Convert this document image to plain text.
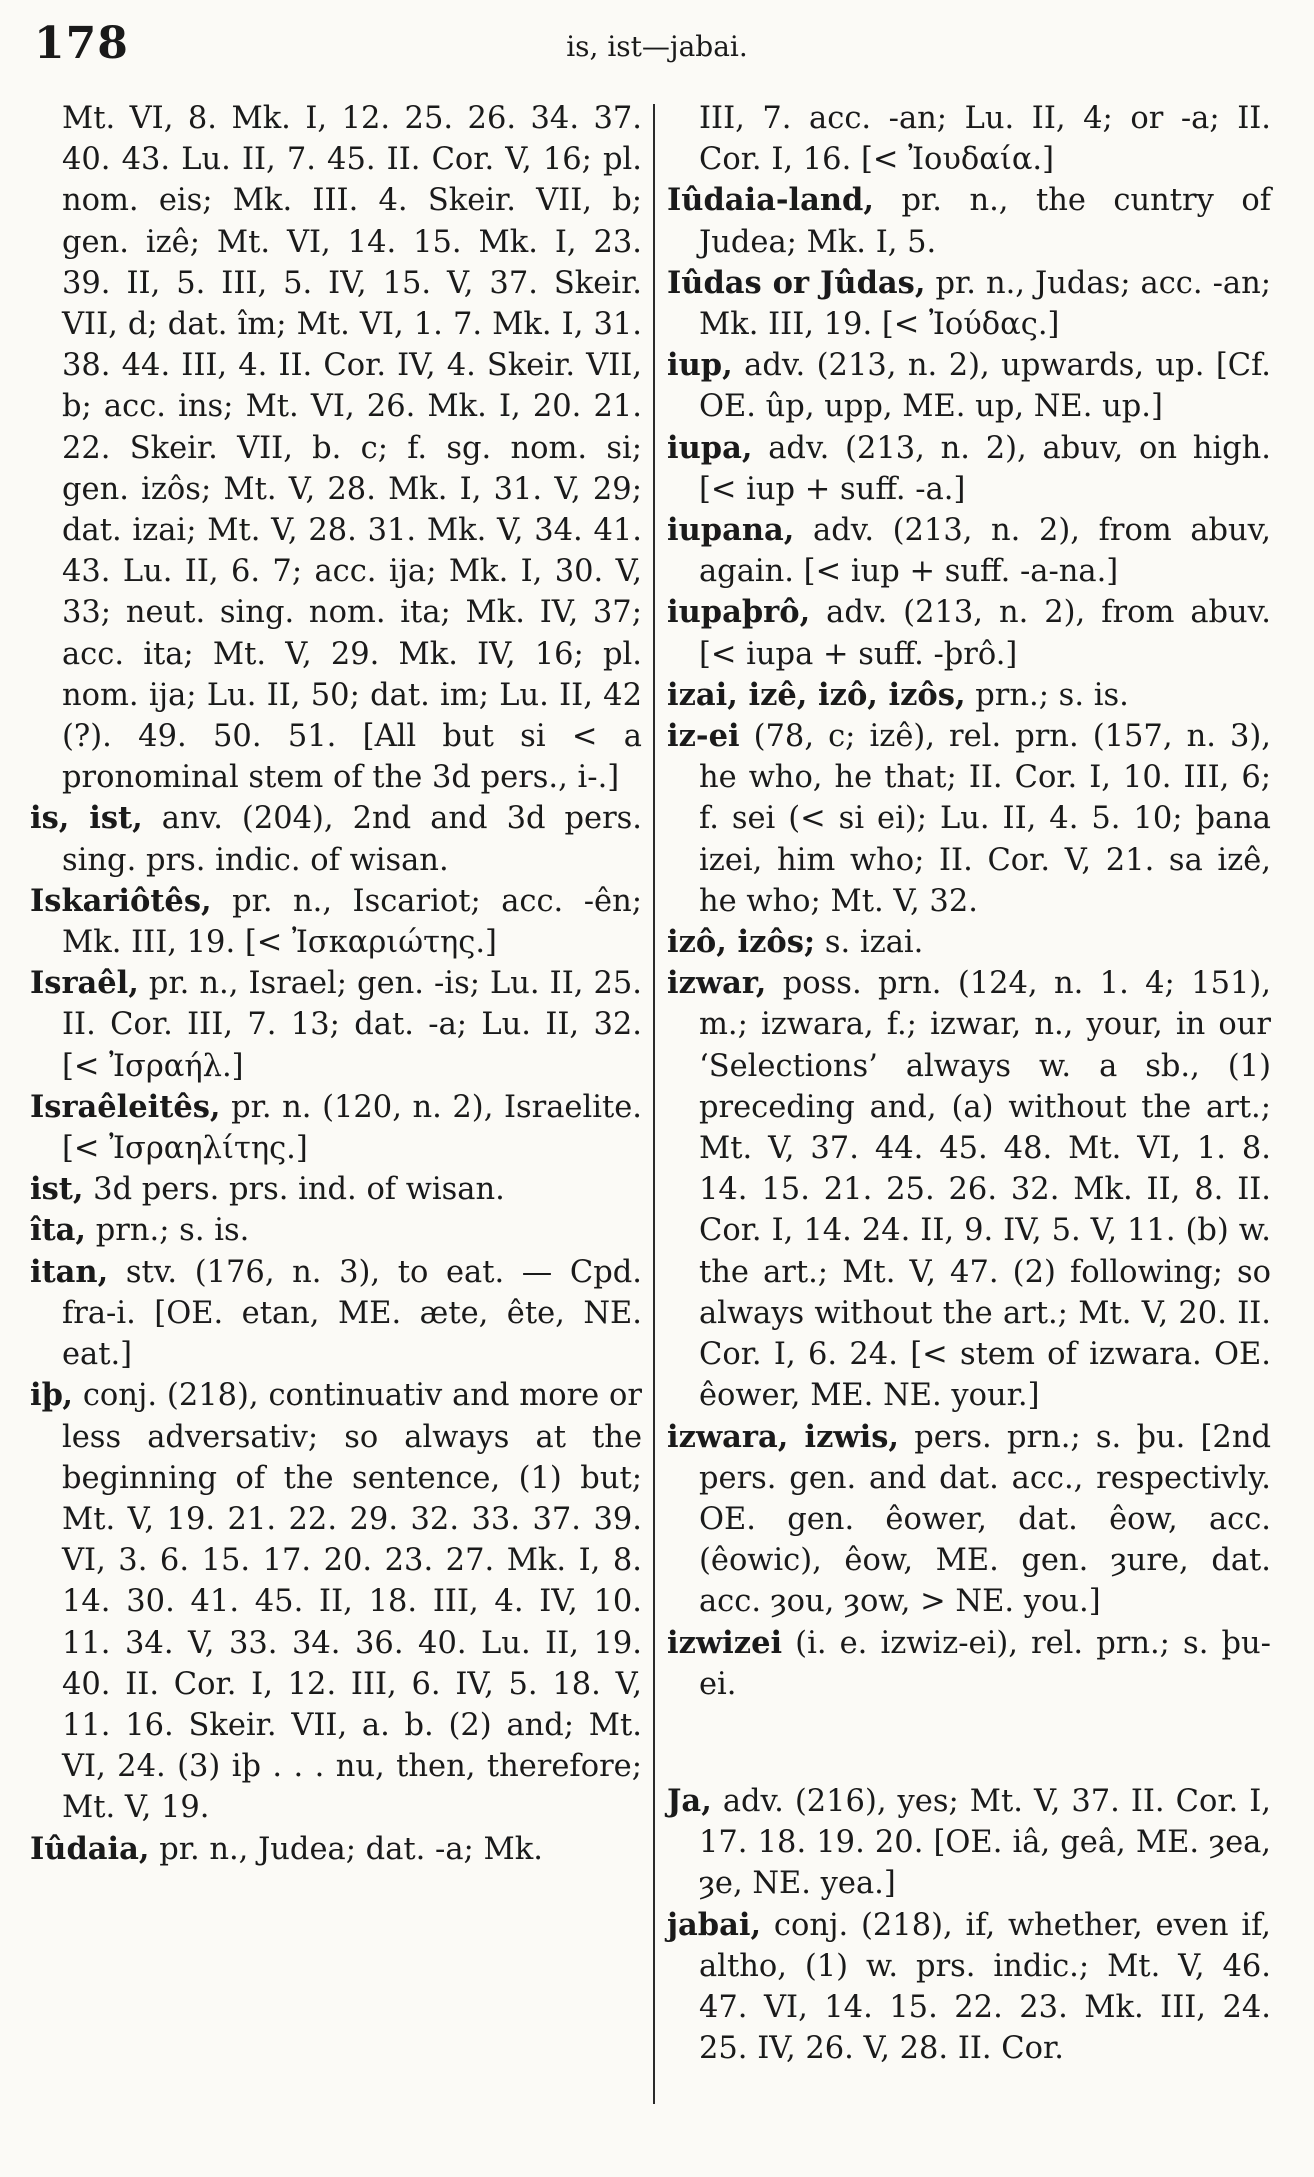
178	is, ist—jabai.

Mt. VI, 8. Mk. I, 12. 25. 26. 34. 37. 40. 43. Lu. II, 7. 45. II. Cor. V, 16; pl. nom. eis; Mk. III. 4. Skeir. VII, b; gen. izê; Mt. VI, 14. 15. Mk. I, 23. 39. II, 5. III, 5. IV, 15. V, 37. Skeir. VII, d; dat. îm; Mt. VI, 1. 7. Mk. I, 31. 38. 44. III, 4. II. Cor. IV, 4. Skeir. VII, b; acc. ins; Mt. VI, 26. Mk. I, 20. 21. 22. Skeir. VII, b. c; f. sg. nom. si; gen. izôs; Mt. V, 28. Mk. I, 31. V, 29; dat. izai; Mt. V, 28. 31. Mk. V, 34. 41. 43. Lu. II, 6. 7; acc. ija; Mk. I, 30. V, 33; neut. sing. nom. ita; Mk. IV, 37; acc. ita; Mt. V, 29. Mk. IV, 16; pl. nom. ija; Lu. II, 50; dat. im; Lu. II, 42 (?). 49. 50. 51. [All but si < a pronominal stem of the 3d pers., i-.]

is, ist, anv. (204), 2nd and 3d pers. sing. prs. indic. of wisan.

Iskariôtês, pr. n., Iscariot; acc. -ên; Mk. III, 19. [< Ἰσκαριώτης.]

Israêl, pr. n., Israel; gen. -is; Lu. II, 25. II. Cor. III, 7. 13; dat. -a; Lu. II, 32. [< Ἰσραήλ.]

Israêleitês, pr. n. (120, n. 2), Israelite. [< Ἰσραηλίτης.]

ist, 3d pers. prs. ind. of wisan.

îta, prn.; s. is.

itan, stv. (176, n. 3), to eat. — Cpd. fra-i. [OE. etan, ME. æte, ête, NE. eat.]

iþ, conj. (218), continuativ and more or less adversativ; so always at the beginning of the sentence, (1) but; Mt. V, 19. 21. 22. 29. 32. 33. 37. 39. VI, 3. 6. 15. 17. 20. 23. 27. Mk. I, 8. 14. 30. 41. 45. II, 18. III, 4. IV, 10. 11. 34. V, 33. 34. 36. 40. Lu. II, 19. 40. II. Cor. I, 12. III, 6. IV, 5. 18. V, 11. 16. Skeir. VII, a. b. (2) and; Mt. VI, 24. (3) iþ . . . nu, then, therefore; Mt. V, 19.

Iûdaia, pr. n., Judea; dat. -a; Mk.

III, 7. acc. -an; Lu. II, 4; or -a; II. Cor. I, 16. [< Ἰουδαία.]

Iûdaia-land, pr. n., the cuntry of Judea; Mk. I, 5.

Iûdas or Jûdas, pr. n., Judas; acc. -an; Mk. III, 19. [< Ἰούδας.]

iup, adv. (213, n. 2), upwards, up. [Cf. OE. ûp, upp, ME. up, NE. up.]

iupa, adv. (213, n. 2), abuv, on high. [< iup + suff. -a.]

iupana, adv. (213, n. 2), from abuv, again. [< iup + suff. -a-na.]

iupaþrô, adv. (213, n. 2), from abuv. [< iupa + suff. -þrô.]

izai, izê, izô, izôs, prn.; s. is.

iz-ei (78, c; izê), rel. prn. (157, n. 3), he who, he that; II. Cor. I, 10. III, 6; f. sei (< si ei); Lu. II, 4. 5. 10; þana izei, him who; II. Cor. V, 21. sa izê, he who; Mt. V, 32.

izô, izôs; s. izai.

izwar, poss. prn. (124, n. 1. 4; 151), m.; izwara, f.; izwar, n., your, in our ‘Selections’ always w. a sb., (1) preceding and, (a) without the art.; Mt. V, 37. 44. 45. 48. Mt. VI, 1. 8. 14. 15. 21. 25. 26. 32. Mk. II, 8. II. Cor. I, 14. 24. II, 9. IV, 5. V, 11. (b) w. the art.; Mt. V, 47. (2) following; so always without the art.; Mt. V, 20. II. Cor. I, 6. 24. [< stem of izwara. OE. êower, ME. NE. your.]

izwara, izwis, pers. prn.; s. þu. [2nd pers. gen. and dat. acc., respectivly. OE. gen. êower, dat. êow, acc. (êowic), êow, ME. gen. ȝure, dat. acc. ȝou, ȝow, > NE. you.]

izwizei (i. e. izwiz-ei), rel. prn.; s. þu-ei.

Ja, adv. (216), yes; Mt. V, 37. II. Cor. I, 17. 18. 19. 20. [OE. iâ, geâ, ME. ȝea, ȝe, NE. yea.]

jabai, conj. (218), if, whether, even if, altho, (1) w. prs. indic.; Mt. V, 46. 47. VI, 14. 15. 22. 23. Mk. III, 24. 25. IV, 26. V, 28. II. Cor.
